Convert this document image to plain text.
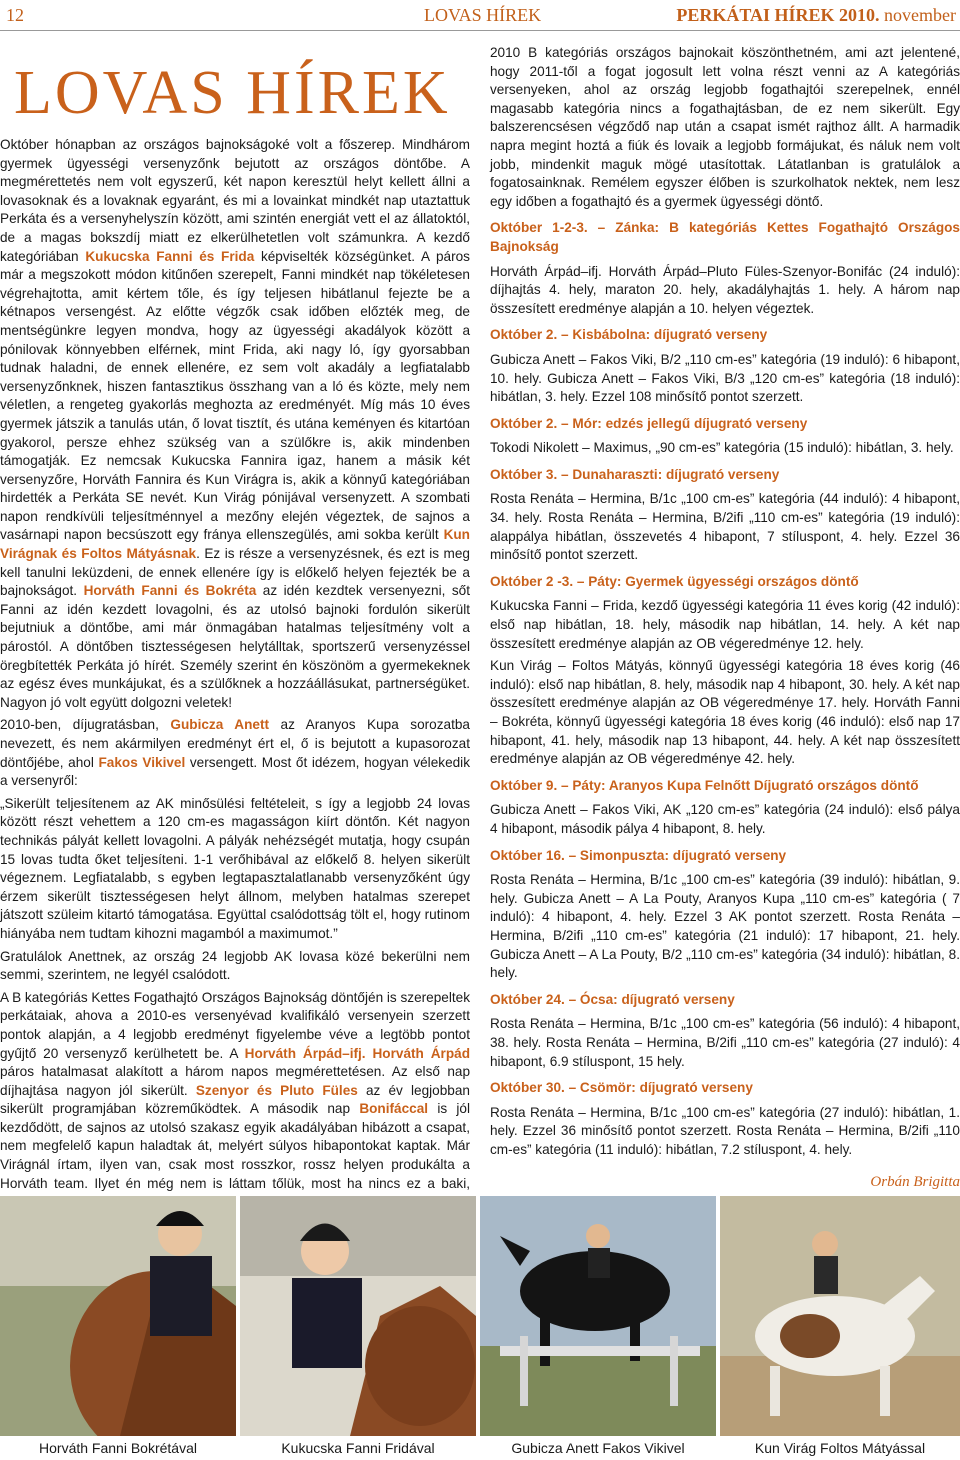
12	LOVAS HÍREK	PERKÁTAI HÍREK 2010. november
LOVAS HÍREK

Október hónapban az országos bajnokságoké volt a főszerep. Mindhárom gyermek ügyességi versenyzőnk bejutott az országos döntőbe. A megmérettetés nem volt egyszerű, két napon keresztül helyt kellett állni a lovasoknak és a lovaknak egyaránt, és mi a lovainkat mindkét nap utaztattuk Perkáta és a versenyhelyszín között, ami szintén energiát vett el az állatoktól, de a magas bokszdíj miatt ez elkerülhetetlen volt számunkra. A kezdő kategóriában Kukucska Fanni és Frida képviselték községünket. A páros már a megszokott módon kitűnően szerepelt, Fanni mindkét nap tökéletesen végrehajtotta, amit kértem tőle, és így teljesen hibátlanul fejezte be a kétnapos versengést. Az előtte végzők csak időben előzték meg, de mentségünkre legyen mondva, hogy az ügyességi akadályok között a pónilovak könnyebben elférnek, mint Frida, aki nagy ló, így gyorsabban tudnak haladni, de ennek ellenére, ez sem volt akadály a legfiatalabb versenyzőnknek, hiszen fantasztikus összhang van a ló és közte, mely nem véletlen, a rengeteg gyakorlás meghozta az eredményét. Míg más 10 éves gyermek játszik a tanulás után, ő lovat tisztít, és utána keményen és kitartóan gyakorol, persze ehhez szükség van a szülőkre is, akik mindenben támogatják. Ez nemcsak Kukucska Fannira igaz, hanem a másik két versenyzőre, Horváth Fannira és Kun Virágra is, akik a könnyű kategóriában hirdették a Perkáta SE nevét. Kun Virág pónijával versenyzett. A szombati napon rendkívüli teljesítménnyel a mezőny elején végeztek, de sajnos a vasárnapi napon becsúszott egy fránya ellenszegülés, ami sokba került Kun Virágnak és Foltos Mátyásnak. Ez is része a versenyzésnek, és ezt is meg kell tanulni leküzdeni, de ennek ellenére így is előkelő helyen fejezték be a bajnokságot. Horváth Fanni és Bokréta az idén kezdtek versenyezni, sőt Fanni az idén kezdett lovagolni, és az utolsó bajnoki fordulón sikerült bejutniuk a döntőbe, ami már önmagában hatalmas teljesítmény volt a párostól. A döntőben tisztességesen helytálltak, sportszerű versenyzéssel öregbítették Perkáta jó hírét. Személy szerint én köszönöm a gyermekeknek az egész éves munkájukat, és a szülőknek a hozzáállásukat, partnerségüket. Nagyon jó volt együtt dolgozni veletek!

2010-ben, díjugratásban, Gubicza Anett az Aranyos Kupa sorozatba nevezett, és nem akármilyen eredményt ért el, ő is bejutott a kupasorozat döntőjébe, ahol Fakos Vikivel versengett. Most őt idézem, hogyan vélekedik a versenyről:

„Sikerült teljesítenem az AK minősülési feltételeit, s így a legjobb 24 lovas között részt vehettem a 120 cm-es magasságon kiírt döntőn. Két nagyon technikás pályát kellett lovagolni. A pályák nehézségét mutatja, hogy csupán 15 lovas tudta őket teljesíteni. 1-1 verőhibával az előkelő 8. helyen sikerült végeznem. Legfiatalabb, s egyben legtapasztalatlanabb versenyzőként úgy érzem sikerült tisztességesen helyt állnom, melyben hatalmas szerepet játszott szüleim kitartó támogatása. Együttal csalódottság tölt el, hogy rutinom hiányába nem tudtam kihozni magamból a maximumot.”

Gratulálok Anettnek, az ország 24 legjobb AK lovasa közé bekerülni nem semmi, szerintem, ne legyél csalódott.

A B kategóriás Kettes Fogathajtó Országos Bajnokság döntőjén is szerepeltek perkátaiak, ahova a 2010-es versenyévad kvalifikáló versenyein szerzett pontok alapján, a 4 legjobb eredményt figyelembe véve a legtöbb pontot gyűjtő 20 versenyző kerülhetett be. A Horváth Árpád–ifj. Horváth Árpád páros hatalmasat alakított a három napos megmérettetésen. Az első nap díjhajtása nagyon jól sikerült. Szenyor és Pluto Füles az év legjobban sikerült programjában közreműködtek. A második nap Bonifáccal is jól kezdődött, de sajnos az utolsó szakasz egyik akadályában hibázott a csapat, nem megfelelő kapun haladtak át, melyért súlyos hibapontokat kaptak. Már Virágnál írtam, ilyen van, csak most rosszkor, rossz helyen produkálta a Horváth team. Ilyet én még nem is láttam tőlük, most ha nincs ez a baki,

2010 B kategóriás országos bajnokait köszönthetném, ami azt jelentené, hogy 2011-től a fogat jogosult lett volna részt venni az A kategóriás versenyeken, ahol az ország legjobb fogathajtói szerepelnek, ennél magasabb kategória nincs a fogathajtásban, de ez nem sikerült. Egy balszerencsésen végződő nap után a csapat ismét rajthoz állt. A harmadik napra megint hoztá a fiúk és lovaik a legjobb formájukat, és náluk nem volt jobb, mindenkit maguk mögé utasítottak. Látatlanban is gratulálok a fogatosainknak. Remélem egyszer élőben is szurkolhatok nektek, nem lesz egy időben a fogathajtó és a gyermek ügyességi döntő.

Október 1-2-3. – Zánka: B kategóriás Kettes Fogathajtó Országos Bajnokság

Horváth Árpád–ifj. Horváth Árpád–Pluto Füles-Szenyor-Bonifác (24 induló): díjhajtás 4. hely, maraton 20. hely, akadályhajtás 1. hely. A három nap összesített eredménye alapján a 10. helyen végeztek.

Október 2. – Kisbábolna: díjugrató verseny

Gubicza Anett – Fakos Viki, B/2 „110 cm-es” kategória (19 induló): 6 hibapont, 10. hely. Gubicza Anett – Fakos Viki, B/3 „120 cm-es” kategória (18 induló): hibátlan, 3. hely. Ezzel 108 minősítő pontot szerzett.

Október 2. – Mór: edzés jellegű díjugrató verseny

Tokodi Nikolett – Maximus, „90 cm-es” kategória (15 induló): hibátlan, 3. hely.

Október 3. – Dunaharaszti: díjugrató verseny

Rosta Renáta – Hermina, B/1c „100 cm-es” kategória (44 induló): 4 hibapont, 34. hely. Rosta Renáta – Hermina, B/2ifi „110 cm-es” kategória (19 induló): alappálya hibátlan, összevetés 4 hibapont, 7 stíluspont, 4. hely. Ezzel 36 minősítő pontot szerzett.

Október 2 -3. – Páty: Gyermek ügyességi országos döntő

Kukucska Fanni – Frida, kezdő ügyességi kategória 11 éves korig (42 induló): első nap hibátlan, 18. hely, második nap hibátlan, 14. hely. A két nap összesített eredménye alapján az OB végeredménye 12. hely.

Kun Virág – Foltos Mátyás, könnyű ügyességi kategória 18 éves korig (46 induló): első nap hibátlan, 8. hely, második nap 4 hibapont, 30. hely. A két nap összesített eredménye alapján az OB végeredménye 17. hely. Horváth Fanni – Bokréta, könnyű ügyességi kategória 18 éves korig (46 induló): első nap 17 hibapont, 41. hely, második nap 13 hibapont, 44. hely. A két nap összesített eredménye alapján az OB végeredménye 42. hely.

Október 9. – Páty: Aranyos Kupa Felnőtt Díjugrató országos döntő

Gubicza Anett – Fakos Viki, AK „120 cm-es” kategória (24 induló): első pálya 4 hibapont, második pálya 4 hibapont, 8. hely.

Október 16. – Simonpuszta: díjugrató verseny

Rosta Renáta – Hermina, B/1c „100 cm-es” kategória (39 induló): hibátlan, 9. hely. Gubicza Anett – A La Pouty, Aranyos Kupa „110 cm-es” kategória ( 7 induló): 4 hibapont, 4. hely. Ezzel 3 AK pontot szerzett. Rosta Renáta – Hermina, B/2ifi „110 cm-es” kategória (21 induló): 17 hibapont, 21. hely. Gubicza Anett – A La Pouty, B/2 „110 cm-es” kategória (34 induló): hibátlan, 8. hely.

Október 24. – Ócsa: díjugrató verseny

Rosta Renáta – Hermina, B/1c „100 cm-es” kategória (56 induló): 4 hibapont, 38. hely. Rosta Renáta – Hermina, B/2ifi „110 cm-es” kategória (27 induló): 4 hibapont, 6.9 stíluspont, 15 hely.

Október 30. – Csömör: díjugrató verseny

Rosta Renáta – Hermina, B/1c „100 cm-es” kategória (27 induló): hibátlan, 1. hely. Ezzel 36 minősítő pontot szerzett. Rosta Renáta – Hermina, B/2ifi „110 cm-es” kategória (11 induló): hibátlan, 7.2 stíluspont, 4. hely.

Orbán Brigitta

Horváth Fanni Bokrétával	Kukucska Fanni Fridával	Gubicza Anett Fakos Vikivel	Kun Virág Foltos Mátyással
